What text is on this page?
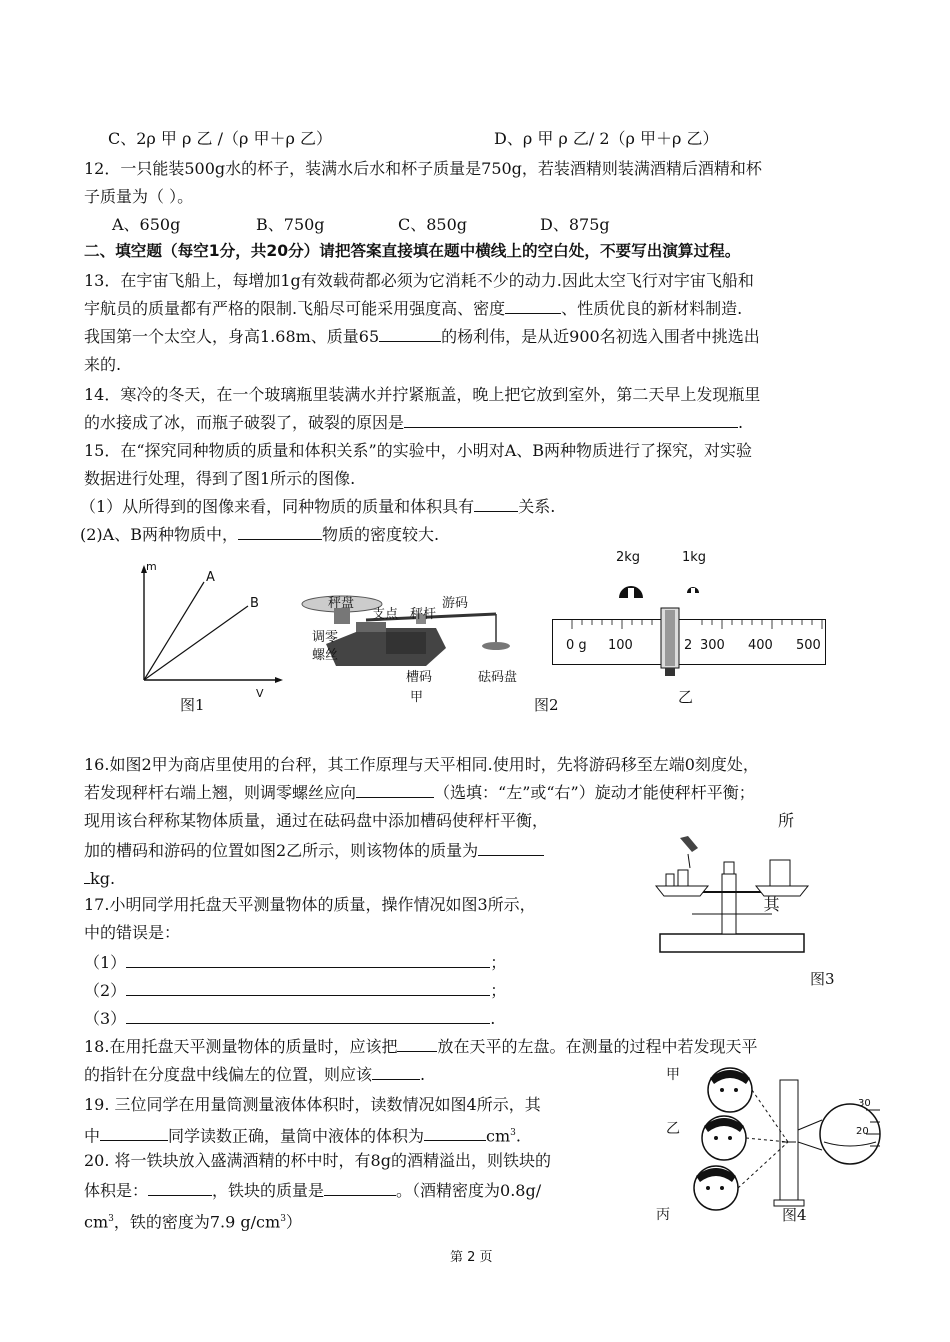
C、2ρ 甲 ρ 乙 /（ρ 甲＋ρ 乙）	D、ρ 甲 ρ 乙/ 2（ρ 甲＋ρ 乙）
12．一只能装500g水的杯子，装满水后水和杯子质量是750g，若装酒精则装满酒精后酒精和杯
子质量为（ ）。
A、650g	B、750g	C、850g	D、875g
二、填空题（每空1分，共20分）请把答案直接填在题中横线上的空白处，不要写出演算过程。
13．在宇宙飞船上，每增加1g有效载荷都必须为它消耗不少的动力.因此太空飞行对宇宙飞船和
宇航员的质量都有严格的限制.飞船尽可能采用强度高、密度	、性质优良的新材料制造.
我国第一个太空人，身高1.68m、质量65	的杨利伟，是从近900名初选入围者中挑选出
来的.
14．寒冷的冬天，在一个玻璃瓶里装满水并拧紧瓶盖，晚上把它放到室外，第二天早上发现瓶里
的水接成了冰，而瓶子破裂了，破裂的原因是	.
15．在“探究同种物质的质量和体积关系”的实验中，小明对A、B两种物质进行了探究，对实验
数据进行处理，得到了图1所示的图像.
（1）从所得到的图像来看，同种物质的质量和体积具有	关系.
(2)A、B两种物质中，	物质的密度较大.
m
A
B
V
图1
秤盘
支点 秤杆
游码
调零
螺丝
槽码
甲
砝码盘
图2
2kg	1kg
0 g 100	2 300 400 500
乙
16.如图2甲为商店里使用的台秤，其工作原理与天平相同.使用时，先将游码移至左端0刻度处，
若发现秤杆右端上翘，则调零螺丝应向	（选填：“左”或“右”）旋动才能使秤杆平衡；
现用该台秤称某物体质量，通过在砝码盘中添加槽码使秤杆平衡，	所
加的槽码和游码的位置如图2乙所示，则该物体的质量为
kg.
17.小明同学用托盘天平测量物体的质量，操作情况如图3所示，	其
中的错误是：
（1）	；
（2）	；
（3）	.
图3
18.在用托盘天平测量物体的质量时，应该把	放在天平的左盘。在测量的过程中若发现天平
的指针在分度盘中线偏左的位置，则应该	.
19. 三位同学在用量筒测量液体体积时，读数情况如图4所示，其
中	同学读数正确，量筒中液体的体积为	$cm^3$.
20. 将一铁块放入盛满酒精的杯中时，有8g的酒精溢出，则铁块的
体积是：	，铁块的质量是	。（酒精密度为0.8g/
$cm^3$，铁的密度为7.9 $g/cm^3$）
甲
乙
丙
30
20
图4
第 2 页
